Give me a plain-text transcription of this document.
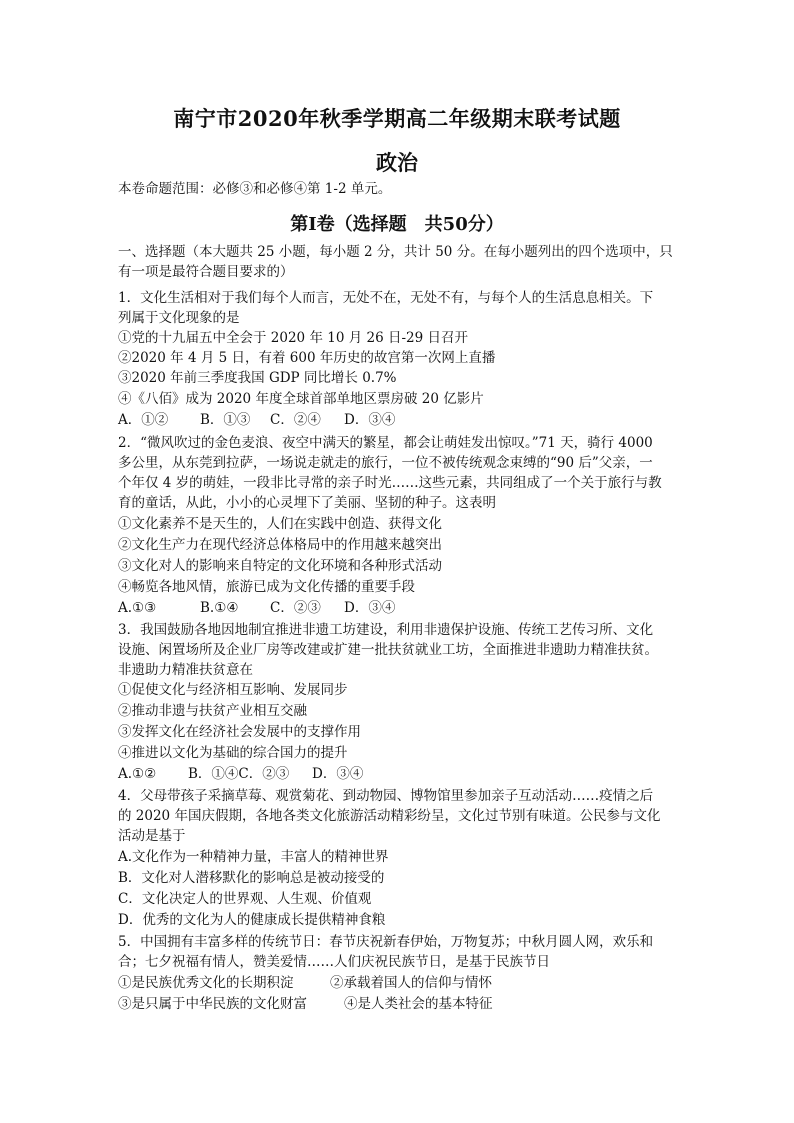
南宁市2020年秋季学期高二年级期末联考试题
政治
本卷命题范围：必修③和必修④第 1-2 单元。
第Ⅰ卷（选择题　共50分）
一、选择题（本大题共 25 小题，每小题 2 分，共计 50 分。在每小题列出的四个选项中，只
有一项是最符合题目要求的）
1．文化生活相对于我们每个人而言，无处不在，无处不有，与每个人的生活息息相关。下
列属于文化现象的是
①党的十九届五中全会于 2020 年 10 月 26 日-29 日召开
②2020 年 4 月 5 日，有着 600 年历史的故宫第一次网上直播
③2020 年前三季度我国 GDP 同比增长 0.7%
④《八佰》成为 2020 年度全球首部单地区票房破 20 亿影片
A．①② B．①③ C．②④ D．③④
2．“微风吹过的金色麦浪、夜空中满天的繁星，都会让萌娃发出惊叹。”71 天，骑行 4000
多公里，从东莞到拉萨，一场说走就走的旅行，一位不被传统观念束缚的“90 后”父亲，一
个年仅 4 岁的萌娃，一段非比寻常的亲子时光……这些元素，共同组成了一个关于旅行与教
育的童话，从此，小小的心灵埋下了美丽、坚韧的种子。这表明
①文化素养不是天生的，人们在实践中创造、获得文化
②文化生产力在现代经济总体格局中的作用越来越突出
③文化对人的影响来自特定的文化环境和各种形式活动
④畅览各地风情，旅游已成为文化传播的重要手段
A.①③	B.①④ C．②③ D．③④
3．我国鼓励各地因地制宜推进非遗工坊建设，利用非遗保护设施、传统工艺传习所、文化
设施、闲置场所及企业厂房等改建或扩建一批扶贫就业工坊，全面推进非遗助力精准扶贫。
非遗助力精准扶贫意在
①促使文化与经济相互影响、发展同步
②推动非遗与扶贫产业相互交融
③发挥文化在经济社会发展中的支撑作用
④推进以文化为基础的综合国力的提升
A.①② B．①④C．②③ D．③④
4．父母带孩子采摘草莓、观赏菊花、到动物园、博物馆里参加亲子互动活动……疫情之后
的 2020 年国庆假期，各地各类文化旅游活动精彩纷呈，文化过节别有味道。公民参与文化
活动是基于
A.文化作为一种精神力量，丰富人的精神世界
B．文化对人潜移默化的影响总是被动接受的
C．文化决定人的世界观、人生观、价值观
D．优秀的文化为人的健康成长提供精神食粮
5．中国拥有丰富多样的传统节日：春节庆祝新春伊始，万物复苏；中秋月圆人网，欢乐和
合；七夕祝福有情人，赞美爱情……人们庆祝民族节日，是基于民族节日
①是民族优秀文化的长期积淀	②承载着国人的信仰与情怀
③是只属于中华民族的文化财富	④是人类社会的基本特征
